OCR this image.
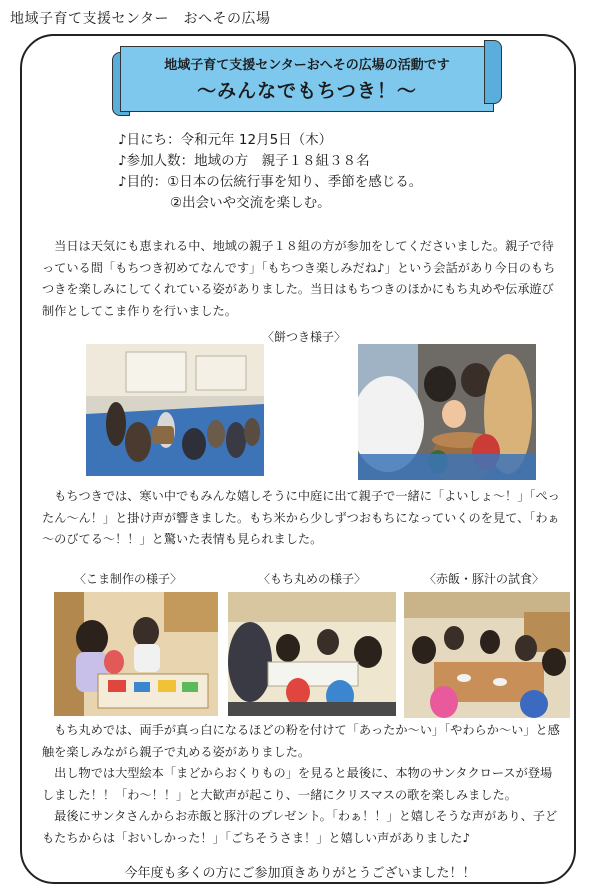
地域子育て支援センター　おへその広場
地域子育て支援センターおへその広場の活動です
～みんなでもちつき！～
♪日にち：令和元年 12月5日（木）
♪参加人数：地域の方　親子１８組３８名
♪目的：①日本の伝統行事を知り、季節を感じる。
②出会いや交流を楽しむ。
　当日は天気にも恵まれる中、地域の親子１８組の方が参加をしてくださいました。親子で待っている間「もちつき初めてなんです」「もちつき楽しみだね♪」という会話があり今日のもちつきを楽しみにしてくれている姿がありました。当日はもちつきのほかにもち丸めや伝承遊び制作としてこま作りを行いました。
〈餅つき様子〉
　もちつきでは、寒い中でもみんな嬉しそうに中庭に出て親子で一緒に「よいしょ～！」「ぺったん～ん！」と掛け声が響きました。もち米から少しずつおもちになっていくのを見て、「わぁ～のびてる～！！」と驚いた表情も見られました。
〈こま制作の様子〉	〈もち丸めの様子〉	〈赤飯・豚汁の試食〉
　もち丸めでは、両手が真っ白になるほどの粉を付けて「あったか～い」「やわらか～い」と感触を楽しみながら親子で丸める姿がありました。
　出し物では大型絵本「まどからおくりもの」を見ると最後に、本物のサンタクロースが登場しました！！「わ～！！」と大歓声が起こり、一緒にクリスマスの歌を楽しみました。
　最後にサンタさんからお赤飯と豚汁のプレゼント。「わぁ！！」と嬉しそうな声があり、子どもたちからは「おいしかった！」「ごちそうさま！」と嬉しい声がありました♪
今年度も多くの方にご参加頂きありがとうございました！！
